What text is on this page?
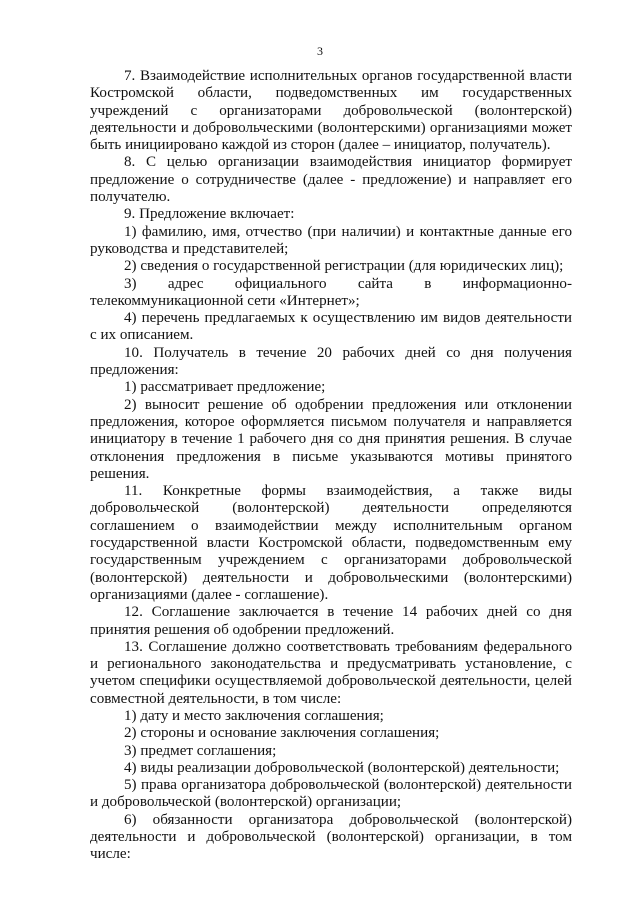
3

7. Взаимодействие исполнительных органов государственной власти Костромской области, подведомственных им государственных учреждений с организаторами добровольческой (волонтерской) деятельности и добровольческими (волонтерскими) организациями может быть инициировано каждой из сторон (далее – инициатор, получатель).

8. С целью организации взаимодействия инициатор формирует предложение о сотрудничестве (далее - предложение) и направляет его получателю.

9. Предложение включает:

1) фамилию, имя, отчество (при наличии) и контактные данные его руководства и представителей;

2) сведения о государственной регистрации (для юридических лиц);

3) адрес официального сайта в информационно-телекоммуникационной сети «Интернет»;

4) перечень предлагаемых к осуществлению им видов деятельности с их описанием.

10. Получатель в течение 20 рабочих дней со дня получения предложения:

1) рассматривает предложение;

2) выносит решение об одобрении предложения или отклонении предложения, которое оформляется письмом получателя и направляется инициатору в течение 1 рабочего дня со дня принятия решения. В случае отклонения предложения в письме указываются мотивы принятого решения.

11. Конкретные формы взаимодействия, а также виды добровольческой (волонтерской) деятельности определяются соглашением о взаимодействии между исполнительным органом государственной власти Костромской области, подведомственным ему государственным учреждением с организаторами добровольческой (волонтерской) деятельности и добровольческими (волонтерскими) организациями (далее - соглашение).

12. Соглашение заключается в течение 14 рабочих дней со дня принятия решения об одобрении предложений.

13. Соглашение должно соответствовать требованиям федерального и регионального законодательства и предусматривать установление, с учетом специфики осуществляемой добровольческой деятельности, целей совместной деятельности, в том числе:

1) дату и место заключения соглашения;

2) стороны и основание заключения соглашения;

3) предмет соглашения;

4) виды реализации добровольческой (волонтерской) деятельности;

5) права организатора добровольческой (волонтерской) деятельности и добровольческой (волонтерской) организации;

6) обязанности организатора добровольческой (волонтерской) деятельности и добровольческой (волонтерской) организации, в том числе:
